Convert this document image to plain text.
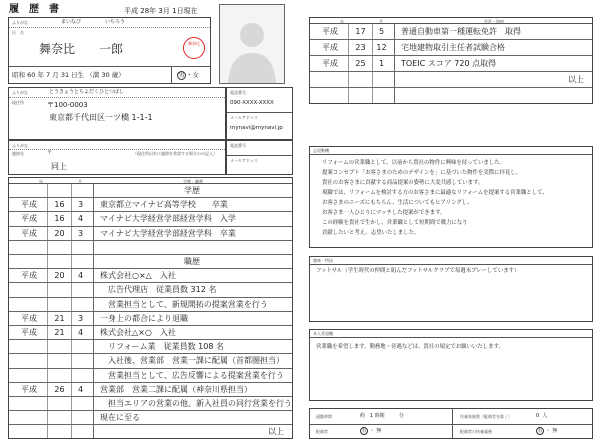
履　歴　書	平成 28年 3月 1日現在
ふりがな	まいなび	いちろう
氏　名
舞奈比 一郎	舞奈比
昭和 60 年 7 月 31 日生 （満 30 歳）	男 ・女
ふりがな	とうきょうとちよだくひとつばし
現住所	〒100-0003
東京都千代田区一ツ橋 1-1-1
電話番号
090-XXXX-XXXX
メールアドレス
mynavi@mynavi.jp
ふりがな
連絡先	〒	（現住所以外に連絡を希望する場合のみ記入）
同上
電話番号
メールアドレス
年	月	学歴・職歴
学歴
平成	16	3	東京都立マイナビ高等学校　　卒業
平成	16	4	マイナビ大学経営学部経営学科　入学
平成	20	3	マイナビ大学経営学部経営学科　卒業
職歴
平成	20	4	株式会社○×△　入社
　広告代理店　従業員数 312 名
　営業担当として、新規開拓の提案営業を行う
平成	21	3	一身上の都合により退職
平成	21	4	株式会社△×○　入社
　リフォーム業　従業員数 108 名
　入社後、営業部　営業一課に配属（首都圏担当）
　営業担当として、広告反響による提案営業を行う
平成	26	4	営業部　営業二課に配属（神奈川県担当）
　担当エリアの営業の他、新入社員の同行営業を行う
現在に至る
以上
年	月	免許・資格
平成	17	5	普通自動車第一種運転免許　取得
平成	23	12	宅地建物取引主任者試験合格
平成	25	1	TOEIC スコア 720 点取得
以上
志望動機
リフォームの営業職として、以前から貴社の物件に興味を持っていました。
提案コンセプト「お客さまのためのデザインを」に基づいた物件を実際に拝見し、
貴社のお客さまに貢献する商品提案の姿勢に大変共感しています。
現職では、リフォームを検討する方のお客さまに最適なリフォームを提案する営業職として、
お客さまのニーズにもちろん、生活についてもヒアリングし、
お客さま一人ひとりにマッチした提案ができます。
この経験を貴社で生かし、営業職として短期間で戦力になり
貢献したいと考え、志望いたしました。
趣味・特技
フットサル（学生時代の仲間と組んだフットサルクラブで毎週末プレーしています）
本人希望欄
営業職を希望します。勤務地・待遇などは、貴社の規定でお願いいたします。
通勤時間	約 1 時間	分	扶養家族数（配偶者を除く）	0 人
配偶者	有 ・ 無	配偶者の扶養義務	有 ・ 無
